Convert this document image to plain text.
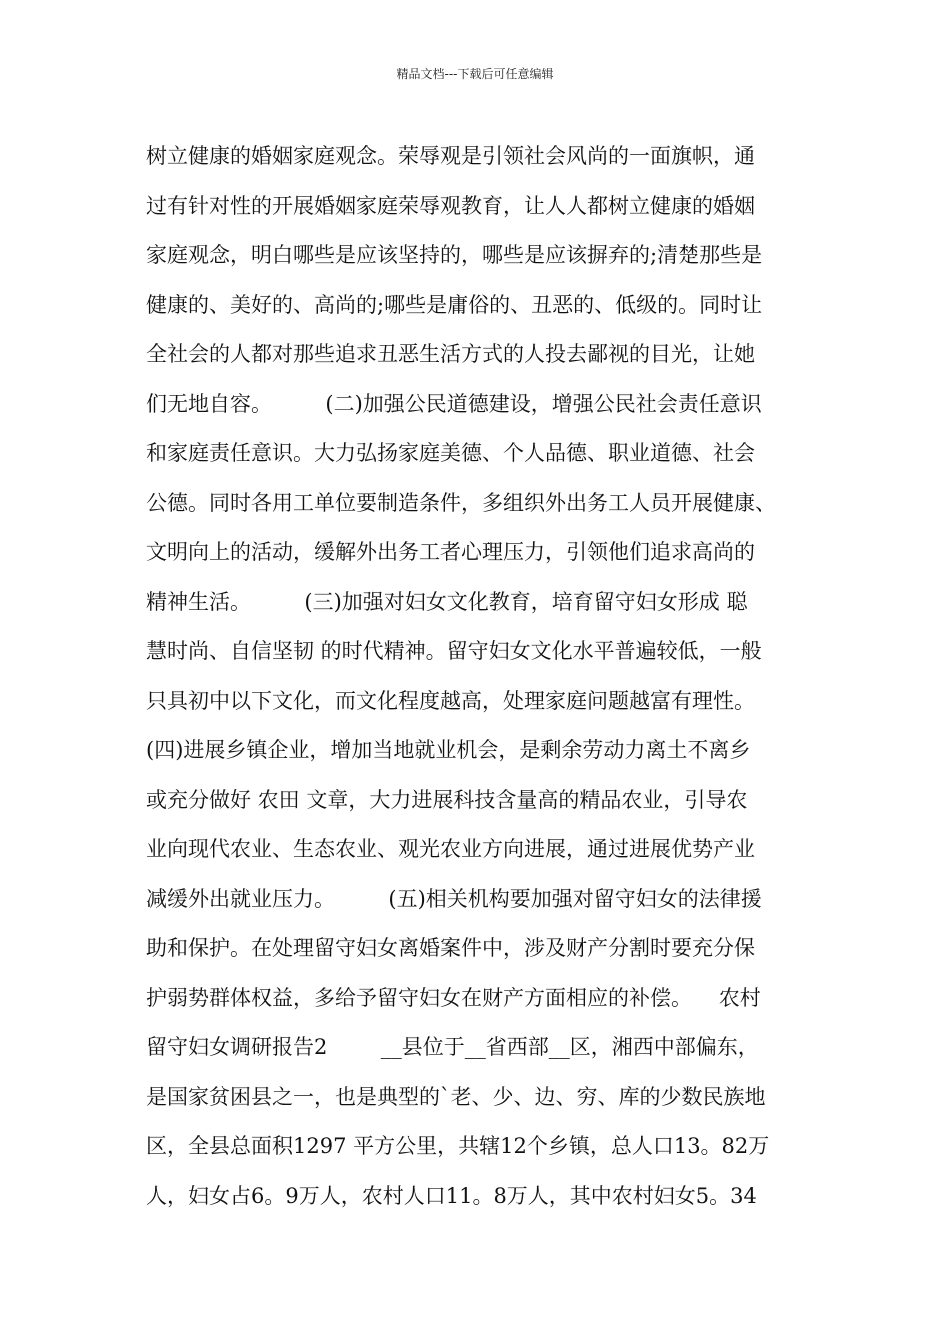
精品文档---下载后可任意编辑
树立健康的婚姻家庭观念。荣辱观是引领社会风尚的一面旗帜，通
过有针对性的开展婚姻家庭荣辱观教育，让人人都树立健康的婚姻
家庭观念，明白哪些是应该坚持的，哪些是应该摒弃的;清楚那些是
健康的、美好的、高尚的;哪些是庸俗的、丑恶的、低级的。同时让
全社会的人都对那些追求丑恶生活方式的人投去鄙视的目光，让她
们无地自容。        (二)加强公民道德建设，增强公民社会责任意识
和家庭责任意识。大力弘扬家庭美德、个人品德、职业道德、社会
公德。同时各用工单位要制造条件，多组织外出务工人员开展健康、
文明向上的活动，缓解外出务工者心理压力，引领他们追求高尚的
精神生活。        (三)加强对妇女文化教育，培育留守妇女形成 聪
慧时尚、自信坚韧 的时代精神。留守妇女文化水平普遍较低，一般
只具初中以下文化，而文化程度越高，处理家庭问题越富有理性。
(四)进展乡镇企业，增加当地就业机会，是剩余劳动力离土不离乡
或充分做好 农田 文章，大力进展科技含量高的精品农业，引导农
业向现代农业、生态农业、观光农业方向进展，通过进展优势产业
减缓外出就业压力。        (五)相关机构要加强对留守妇女的法律援
助和保护。在处理留守妇女离婚案件中，涉及财产分割时要充分保
护弱势群体权益，多给予留守妇女在财产方面相应的补偿。    农村
留守妇女调研报告2        __县位于__省西部__区，湘西中部偏东，
是国家贫困县之一，也是典型的`老、少、边、穷、库的少数民族地
区，全县总面积1297 平方公里，共辖12个乡镇，总人口13。82万
人，妇女占6。9万人，农村人口11。8万人，其中农村妇女5。34
